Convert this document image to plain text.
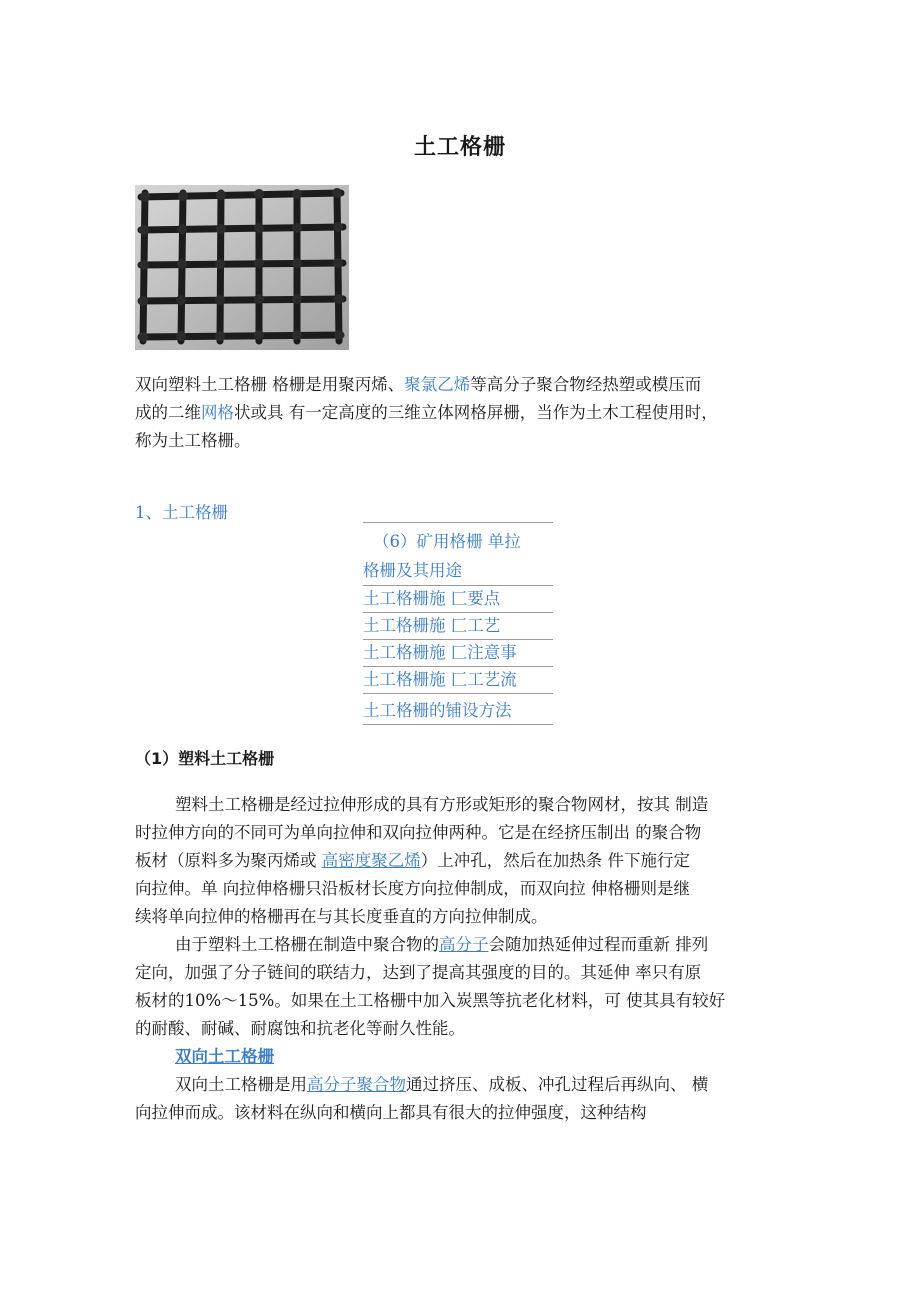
土工格栅
双向塑料土工格栅 格栅是用聚丙烯、聚氯乙烯等高分子聚合物经热塑或模压而
成的二维网格状或具 有一定高度的三维立体网格屏栅，当作为土木工程使用时，
称为土工格栅。
1、土工格栅
（6）矿用格栅 单拉
格栅及其用途
土工格栅施 匚要点
土工格栅施 匚工艺
土工格栅施 匚注意事
土工格栅施 匚工艺流
土工格栅的铺设方法
（1）塑料土工格栅
塑料土工格栅是经过拉伸形成的具有方形或矩形的聚合物网材，按其 制造
时拉伸方向的不同可为单向拉伸和双向拉伸两种。它是在经挤压制出 的聚合物
板材（原料多为聚丙烯或 高密度聚乙烯）上冲孔，然后在加热条 件下施行定
向拉伸。单 向拉伸格栅只沿板材长度方向拉伸制成，而双向拉 伸格栅则是继
续将单向拉伸的格栅再在与其长度垂直的方向拉伸制成。
由于塑料土工格栅在制造中聚合物的高分子会随加热延伸过程而重新 排列
定向，加强了分子链间的联结力，达到了提高其强度的目的。其延伸 率只有原
板材的10%〜15%。如果在土工格栅中加入炭黑等抗老化材料，可 使其具有较好
的耐酸、耐碱、耐腐蚀和抗老化等耐久性能。
双向土工格栅
双向土工格栅是用高分子聚合物通过挤压、成板、冲孔过程后再纵向、 横
向拉伸而成。该材料在纵向和横向上都具有很大的拉伸强度，这种结构
